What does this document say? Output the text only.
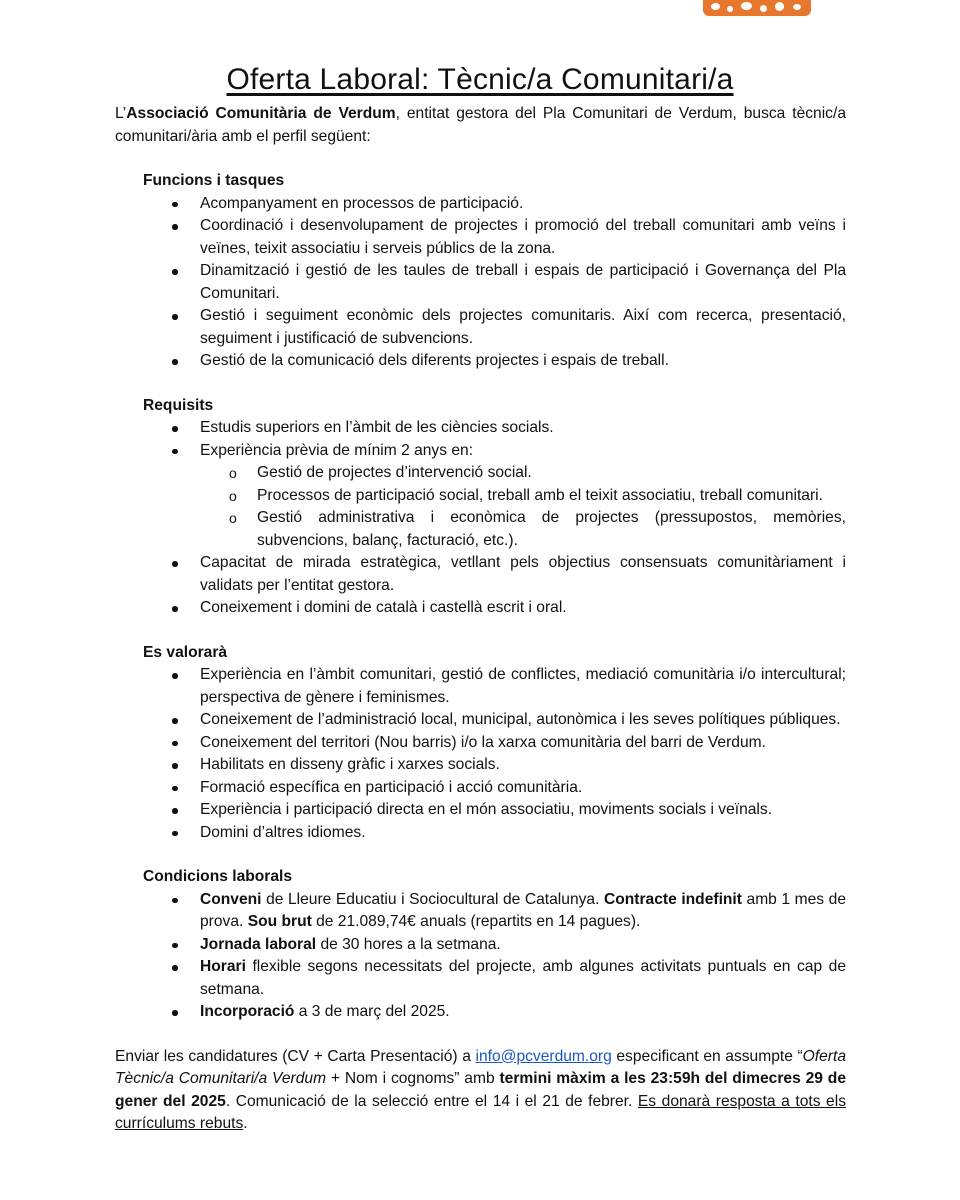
Oferta Laboral: Tècnic/a Comunitari/a

L’Associació Comunitària de Verdum, entitat gestora del Pla Comunitari de Verdum, busca tècnic/a comunitari/ària amb el perfil següent:

Funcions i tasques

Acompanyament en processos de participació.
Coordinació i desenvolupament de projectes i promoció del treball comunitari amb veïns i veïnes, teixit associatiu i serveis públics de la zona.
Dinamització i gestió de les taules de treball i espais de participació i Governança del Pla Comunitari.
Gestió i seguiment econòmic dels projectes comunitaris. Així com recerca, presentació, seguiment i justificació de subvencions.
Gestió de la comunicació dels diferents projectes i espais de treball.

Requisits

Estudis superiors en l’àmbit de les ciències socials.
Experiència prèvia de mínim 2 anys en:
o Gestió de projectes d’intervenció social.
o Processos de participació social, treball amb el teixit associatiu, treball comunitari.
o Gestió administrativa i econòmica de projectes (pressupostos, memòries, subvencions, balanç, facturació, etc.).
Capacitat de mirada estratègica, vetllant pels objectius consensuats comunitàriament i validats per l’entitat gestora.
Coneixement i domini de català i castellà escrit i oral.

Es valorarà

Experiència en l’àmbit comunitari, gestió de conflictes, mediació comunitària i/o intercultural; perspectiva de gènere i feminismes.
Coneixement de l’administració local, municipal, autonòmica i les seves polítiques públiques.
Coneixement del territori (Nou barris) i/o la xarxa comunitària del barri de Verdum.
Habilitats en disseny gràfic i xarxes socials.
Formació específica en participació i acció comunitària.
Experiència i participació directa en el món associatiu, moviments socials i veïnals.
Domini d’altres idiomes.

Condicions laborals

Conveni de Lleure Educatiu i Sociocultural de Catalunya. Contracte indefinit amb 1 mes de prova. Sou brut de 21.089,74€ anuals (repartits en 14 pagues).
Jornada laboral de 30 hores a la setmana.
Horari flexible segons necessitats del projecte, amb algunes activitats puntuals en cap de setmana.
Incorporació a 3 de març del 2025.

Enviar les candidatures (CV + Carta Presentació) a info@pcverdum.org especificant en assumpte “Oferta Tècnic/a Comunitari/a Verdum + Nom i cognoms” amb termini màxim a les 23:59h del dimecres 29 de gener del 2025. Comunicació de la selecció entre el 14 i el 21 de febrer. Es donarà resposta a tots els currículums rebuts.
